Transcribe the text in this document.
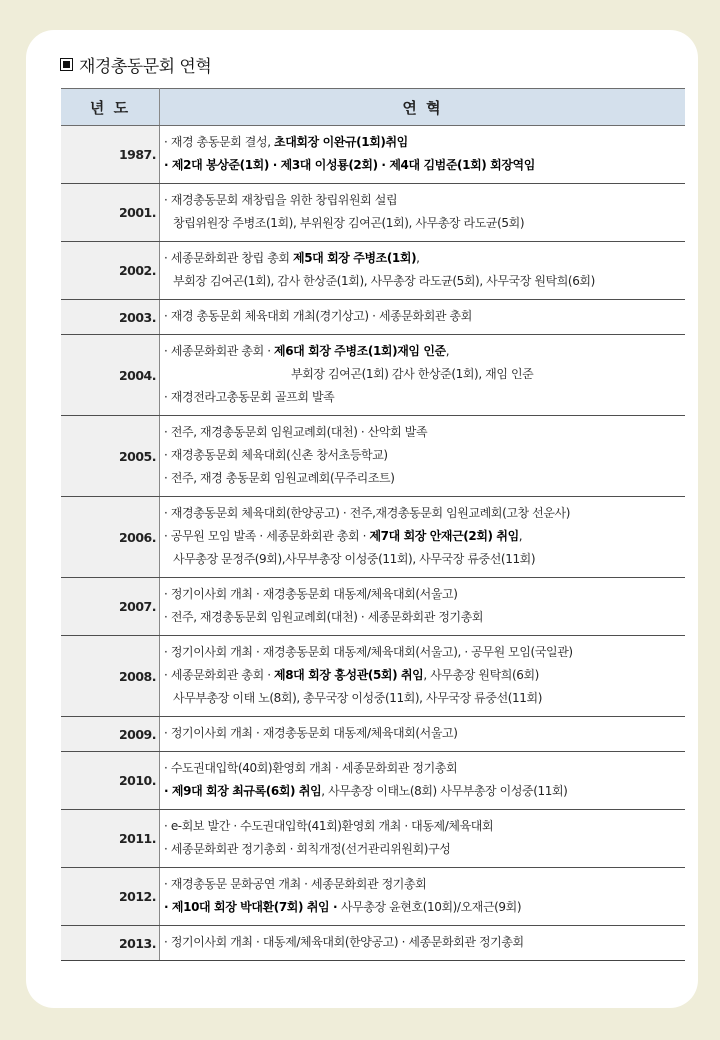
재경총동문회 연혁
년 도	연 혁
1987.	· 재경 총동문회 결성, 초대회장 이완규(1회)취임
· 제2대 봉상준(1회) · 제3대 이성룡(2회) · 제4대 김범준(1회) 회장역임

2001.	· 재경총동문회 재창립을 위한 창립위원회 설립
창립위원장 주병조(1회), 부위원장 김여곤(1회), 사무총장 라도균(5회)

2002.	· 세종문화회관 창립 총회 제5대 회장 주병조(1회),
부회장 김여곤(1회), 감사 한상준(1회), 사무총장 라도균(5회), 사무국장 원탁희(6회)

2003.	· 재경 총동문회 체육대회 개최(경기상고) · 세종문화회관 총회

2004.	· 세종문화회관 총회 · 제6대 회장 주병조(1회)재임 인준,
부회장 김여곤(1회) 감사 한상준(1회), 재임 인준
· 재경전라고총동문회 골프회 발족

2005.	· 전주, 재경총동문회 임원교례회(대천) · 산악회 발족
· 재경총동문회 체육대회(신촌 창서초등학교)
· 전주, 재경 총동문회 임원교례회(무주리조트)

2006.	· 재경총동문회 체육대회(한양공고) · 전주,재경총동문회 임원교례회(고창 선운사)
· 공무원 모임 발족 · 세종문화회관 총회 · 제7대 회장 안재근(2회) 취임,
사무총장 문정주(9회),사무부총장 이성중(11회), 사무국장 류중선(11회)

2007.	· 정기이사회 개최 · 재경총동문회 대동제/체육대회(서울고)
· 전주, 재경총동문회 임원교례회(대천) · 세종문화회관 정기총회

2008.	· 정기이사회 개최 · 재경총동문회 대동제/체육대회(서울고), · 공무원 모임(국일관)
· 세종문화회관 총회 · 제8대 회장 홍성관(5회) 취임, 사무총장 원탁희(6회)
사무부총장 이태 노(8회), 총무국장 이성중(11회), 사무국장 류중선(11회)

2009.	· 정기이사회 개최 · 재경총동문회 대동제/체육대회(서울고)

2010.	· 수도권대입학(40회)환영회 개최 · 세종문화회관 정기총회
· 제9대 회장 최규록(6회) 취임, 사무총장 이태노(8회) 사무부총장 이성중(11회)

2011.	· e-회보 발간 · 수도권대입학(41회)환영회 개최 · 대동제/체육대회
· 세종문화회관 정기총회 · 회칙개정(선거관리위원회)구성

2012.	· 재경총동문 문화공연 개최 · 세종문화회관 정기총회
· 제10대 회장 박대환(7회) 취임 · 사무총장 윤현호(10회)/오재근(9회)

2013.	· 정기이사회 개최 · 대동제/체육대회(한양공고) · 세종문화회관 정기총회
